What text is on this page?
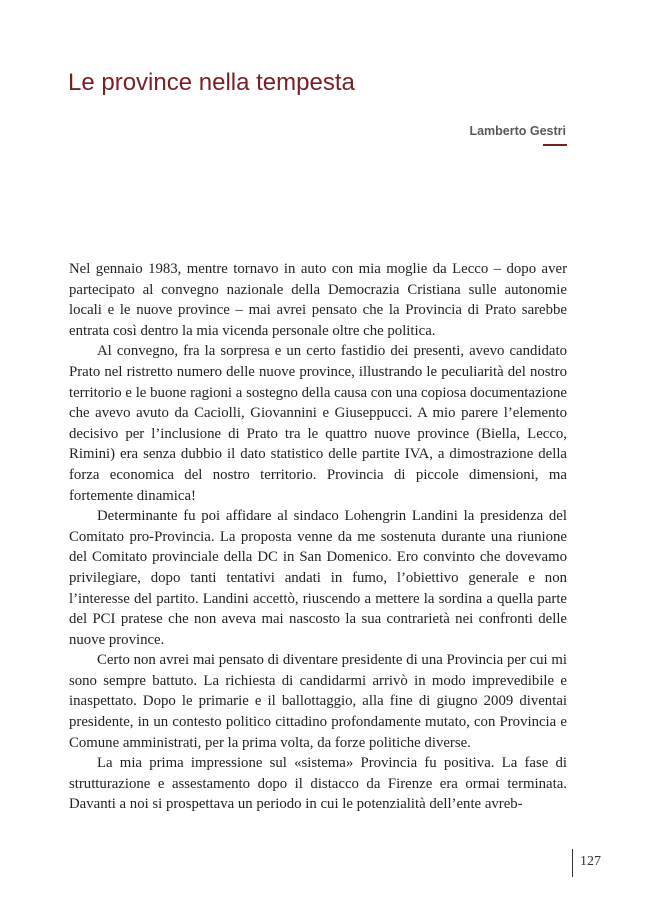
Le province nella tempesta
Lamberto Gestri

Nel gennaio 1983, mentre tornavo in auto con mia moglie da Lecco – dopo aver partecipato al convegno nazionale della Democrazia Cristiana sulle autonomie locali e le nuove province – mai avrei pensato che la Provincia di Prato sarebbe entrata così dentro la mia vicenda personale oltre che politica.

Al convegno, fra la sorpresa e un certo fastidio dei presenti, avevo candidato Prato nel ristretto numero delle nuove province, illustrando le peculiarità del nostro territorio e le buone ragioni a sostegno della causa con una copiosa documentazione che avevo avuto da Caciolli, Giovannini e Giuseppucci. A mio parere l’elemento decisivo per l’inclusione di Prato tra le quattro nuove province (Biella, Lecco, Rimini) era senza dubbio il dato statistico delle partite IVA, a dimostrazione della forza economica del nostro territorio. Provincia di piccole dimensioni, ma fortemente dinamica!

Determinante fu poi affidare al sindaco Lohengrin Landini la presidenza del Comitato pro-Provincia. La proposta venne da me sostenuta durante una riunione del Comitato provinciale della DC in San Domenico. Ero convinto che dovevamo privilegiare, dopo tanti tentativi andati in fumo, l’obiettivo generale e non l’interesse del partito. Landini accettò, riuscendo a mettere la sordina a quella parte del PCI pratese che non aveva mai nascosto la sua contrarietà nei confronti delle nuove province.

Certo non avrei mai pensato di diventare presidente di una Provincia per cui mi sono sempre battuto. La richiesta di candidarmi arrivò in modo imprevedibile e inaspettato. Dopo le primarie e il ballottaggio, alla fine di giugno 2009 diventai presidente, in un contesto politico cittadino profondamente mutato, con Provincia e Comune amministrati, per la prima volta, da forze politiche diverse.

La mia prima impressione sul «sistema» Provincia fu positiva. La fase di strutturazione e assestamento dopo il distacco da Firenze era ormai terminata. Davanti a noi si prospettava un periodo in cui le potenzialità dell’ente avreb-

127
